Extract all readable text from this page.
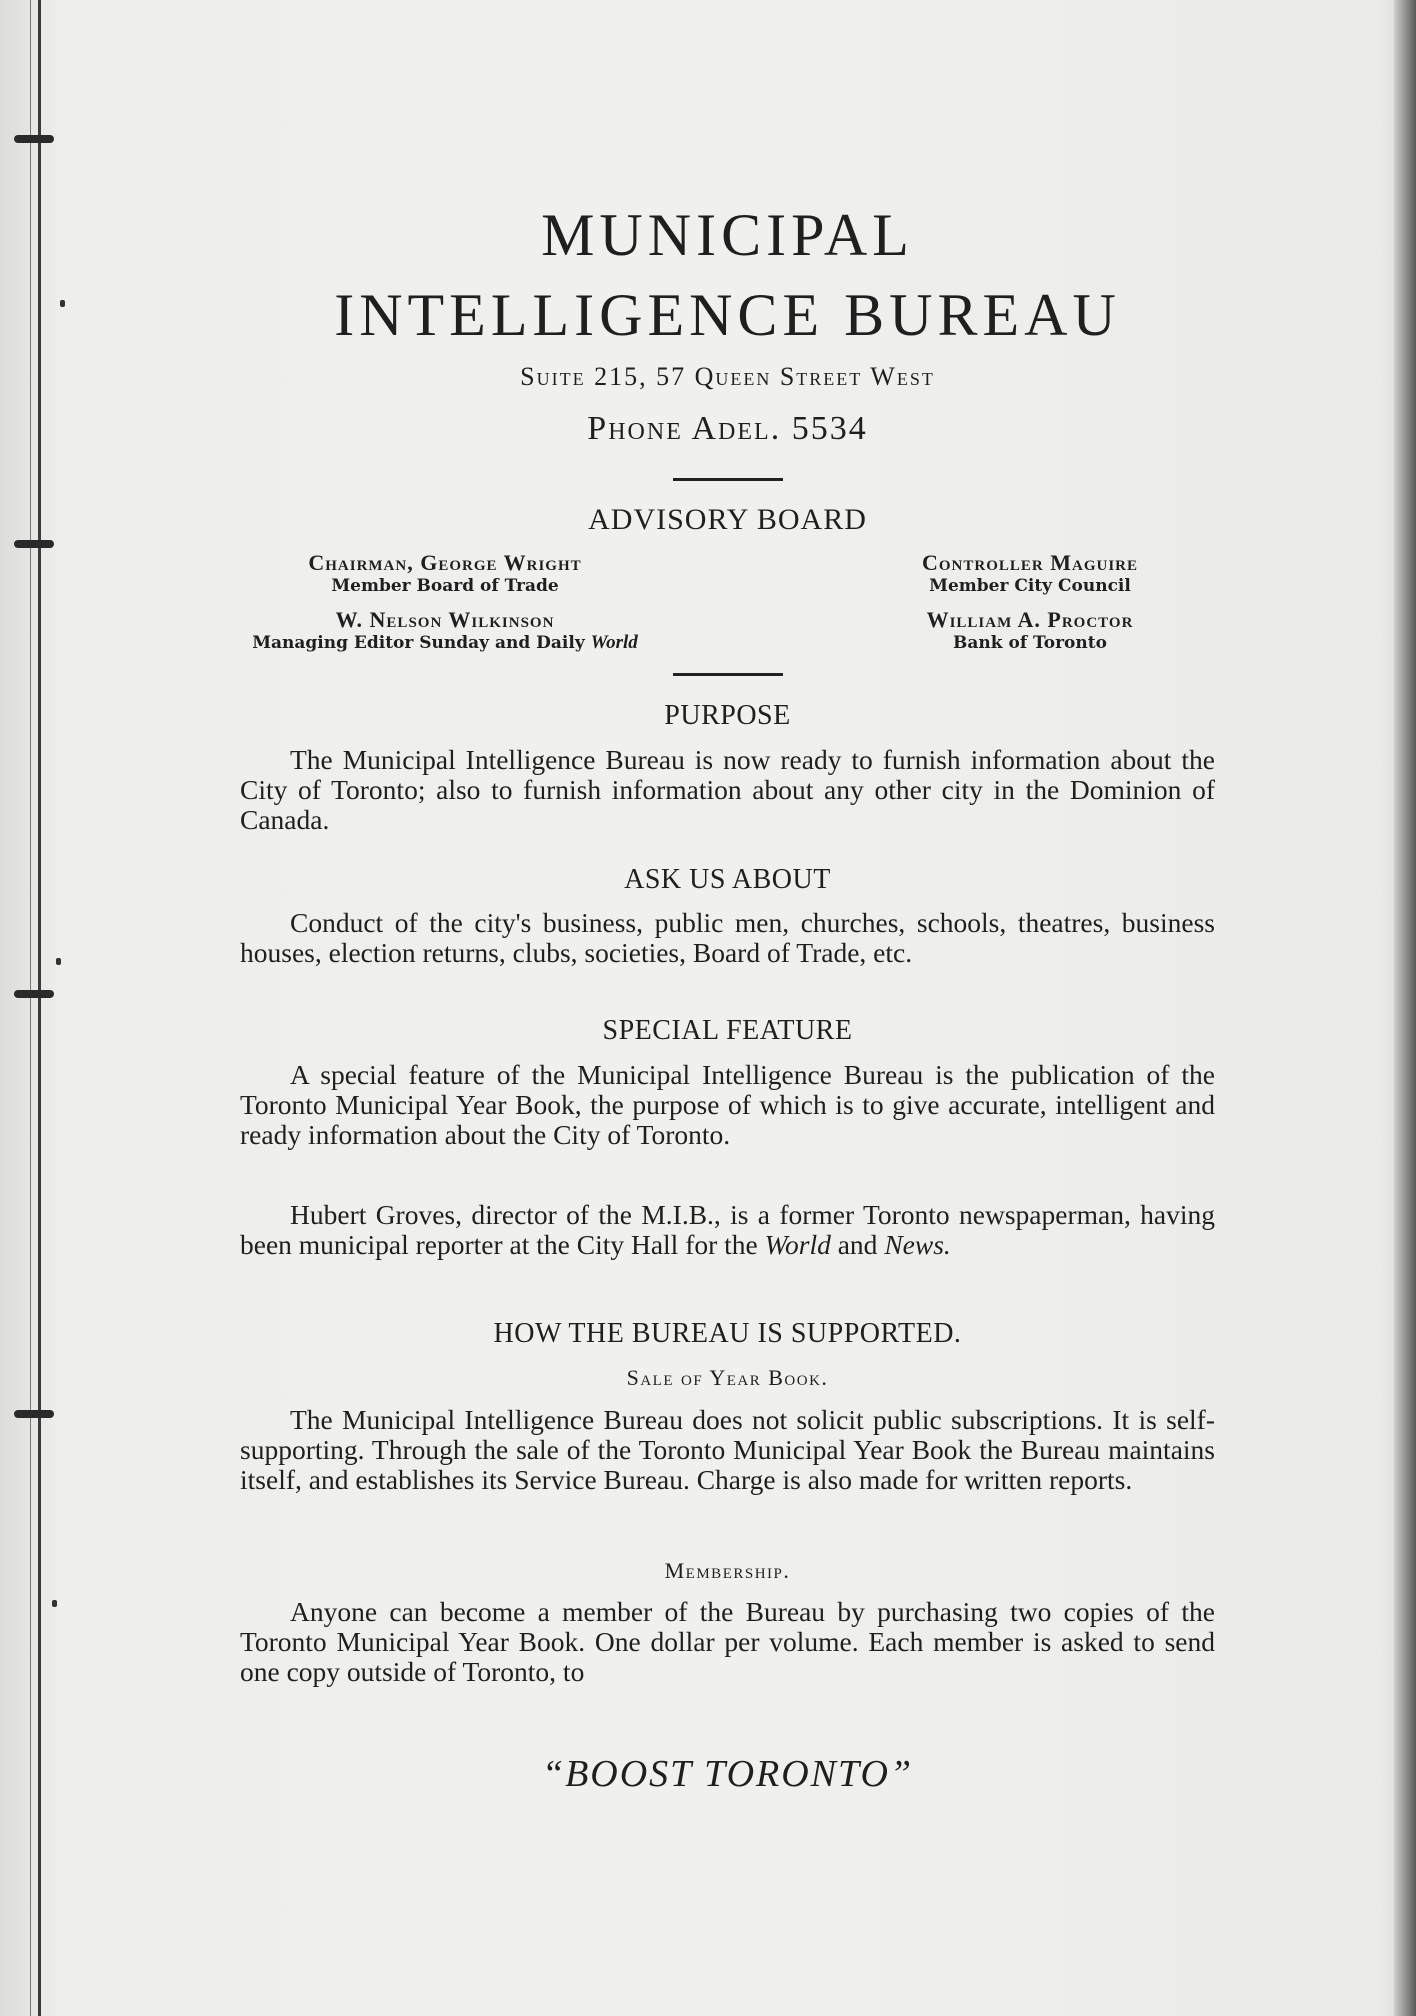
MUNICIPAL
INTELLIGENCE BUREAU
Suite 215, 57 Queen Street West
Phone Adel. 5534
ADVISORY BOARD
Chairman, George Wright
Member Board of Trade
W. Nelson Wilkinson
Managing Editor Sunday and Daily World
Controller Maguire
Member City Council
William A. Proctor
Bank of Toronto
PURPOSE
The Municipal Intelligence Bureau is now ready to furnish information about the City of Toronto; also to furnish information about any other city in the Dominion of Canada.
ASK US ABOUT
Conduct of the city's business, public men, churches, schools, theatres, business houses, election returns, clubs, societies, Board of Trade, etc.
SPECIAL FEATURE
A special feature of the Municipal Intelligence Bureau is the publication of the Toronto Municipal Year Book, the purpose of which is to give accurate, intelligent and ready information about the City of Toronto.
Hubert Groves, director of the M.I.B., is a former Toronto newspaperman, having been municipal reporter at the City Hall for the World and News.
HOW THE BUREAU IS SUPPORTED.
Sale of Year Book.
The Municipal Intelligence Bureau does not solicit public subscriptions. It is self-supporting. Through the sale of the Toronto Municipal Year Book the Bureau maintains itself, and establishes its Service Bureau. Charge is also made for written reports.
Membership.
Anyone can become a member of the Bureau by purchasing two copies of the Toronto Municipal Year Book. One dollar per volume. Each member is asked to send one copy outside of Toronto, to
“BOOST TORONTO”
